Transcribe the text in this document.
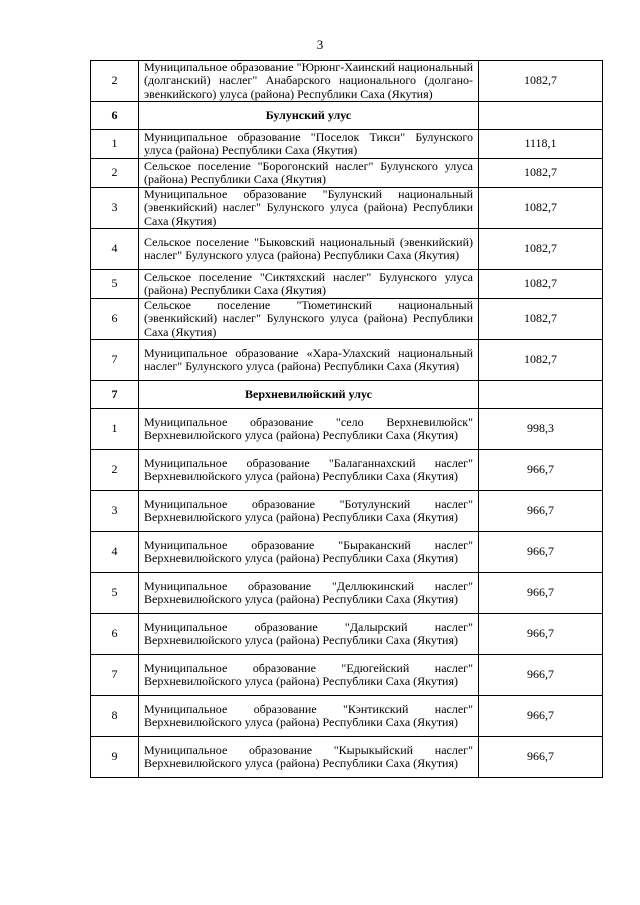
3
2	Муниципальное образование "Юрюнг-Хаинский национальный (долганский) наслег" Анабарского национального (долгано-эвенкийского) улуса (района) Республики Саха (Якутия)	1082,7
6	Булунский улус	
1	Муниципальное образование "Поселок Тикси" Булунского улуса (района) Республики Саха (Якутия)	1118,1
2	Сельское поселение "Борогонский наслег" Булунского улуса (района) Республики Саха (Якутия)	1082,7
3	Муниципальное образование "Булунский национальный (эвенкийский) наслег" Булунского улуса (района) Республики Саха (Якутия)	1082,7
4	Сельское поселение "Быковский национальный (эвенкийский) наслег" Булунского улуса (района) Республики Саха (Якутия)	1082,7
5	Сельское поселение "Сиктяхский наслег" Булунского улуса (района) Республики Саха (Якутия)	1082,7
6	Сельское поселение "Тюметинский национальный (эвенкийский) наслег" Булунского улуса (района) Республики Саха (Якутия)	1082,7
7	Муниципальное образование «Хара-Улахский национальный наслег" Булунского улуса (района) Республики Саха (Якутия)	1082,7
7	Верхневилюйский улус	
1	Муниципальное образование "село Верхневилюйск" Верхневилюйского улуса (района) Республики Саха (Якутия)	998,3
2	Муниципальное образование "Балаганнахский наслег" Верхневилюйского улуса (района) Республики Саха (Якутия)	966,7
3	Муниципальное образование "Ботулунский наслег" Верхневилюйского улуса (района) Республики Саха (Якутия)	966,7
4	Муниципальное образование "Быраканский наслег" Верхневилюйского улуса (района) Республики Саха (Якутия)	966,7
5	Муниципальное образование "Деллюкинский наслег" Верхневилюйского улуса (района) Республики Саха (Якутия)	966,7
6	Муниципальное образование "Далырский наслег" Верхневилюйского улуса (района) Республики Саха (Якутия)	966,7
7	Муниципальное образование "Едюгейский наслег" Верхневилюйского улуса (района) Республики Саха (Якутия)	966,7
8	Муниципальное образование "Кэнтикский наслег" Верхневилюйского улуса (района) Республики Саха (Якутия)	966,7
9	Муниципальное образование "Кырыкыйский наслег" Верхневилюйского улуса (района) Республики Саха (Якутия)	966,7
